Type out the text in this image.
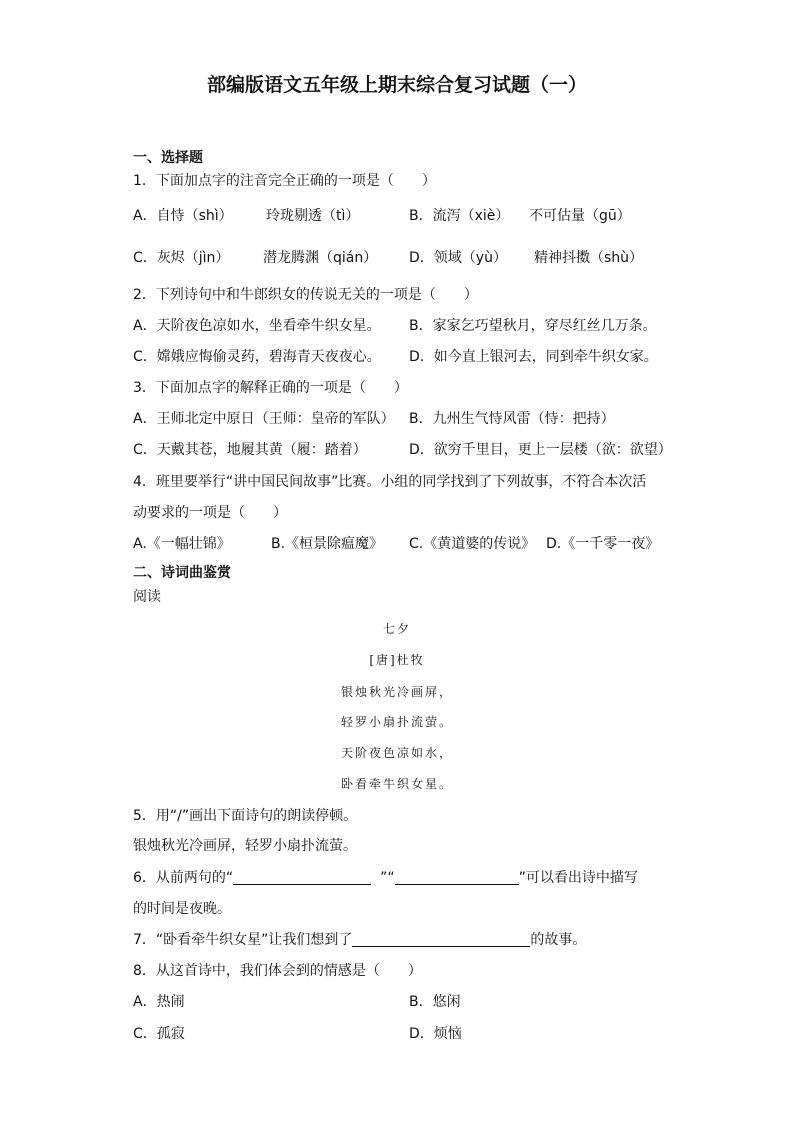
部编版语文五年级上期末综合复习试题（一）
一、选择题
1．下面加点字的注音完全正确的一项是（　　）
A．自恃（shì） 玲珑剔透（tì）	B．流泻（xiè） 不可估量（gū）
C．灰烬（jìn） 潜龙腾渊（qián） D．领域（yù） 精神抖擞（shù）
2．下列诗句中和牛郎织女的传说无关的一项是（　　）
A．天阶夜色凉如水，坐看牵牛织女星。 B．家家乞巧望秋月，穿尽红丝几万条。
C．嫦娥应悔偷灵药，碧海青天夜夜心。 D．如今直上银河去，同到牵牛织女家。
3．下面加点字的解释正确的一项是（　　）
A．王师北定中原日（王师：皇帝的军队） B．九州生气恃风雷（恃：把持）
C．天戴其苍，地履其黄（履：踏着）	D．欲穷千里目，更上一层楼（欲：欲望）
4．班里要举行“讲中国民间故事”比赛。小组的同学找到了下列故事，不符合本次活
动要求的一项是（　　）
A.《一幅壮锦》	B.《桓景除瘟魔》 C.《黄道婆的传说》 D.《一千零一夜》
二、诗词曲鉴赏
阅读
七夕
[唐]杜牧
银烛秋光冷画屏，
轻罗小扇扑流萤。
天阶夜色凉如水，
卧看牵牛织女星。
5．用“/”画出下面诗句的朗读停顿。
银烛秋光冷画屏，轻罗小扇扑流萤。
6．从前两句的“	”“	”可以看出诗中描写
的时间是夜晚。
7．“卧看牵牛织女星”让我们想到了	的故事。
8．从这首诗中，我们体会到的情感是（　　）
A．热闹	B．悠闲
C．孤寂	D．烦恼
